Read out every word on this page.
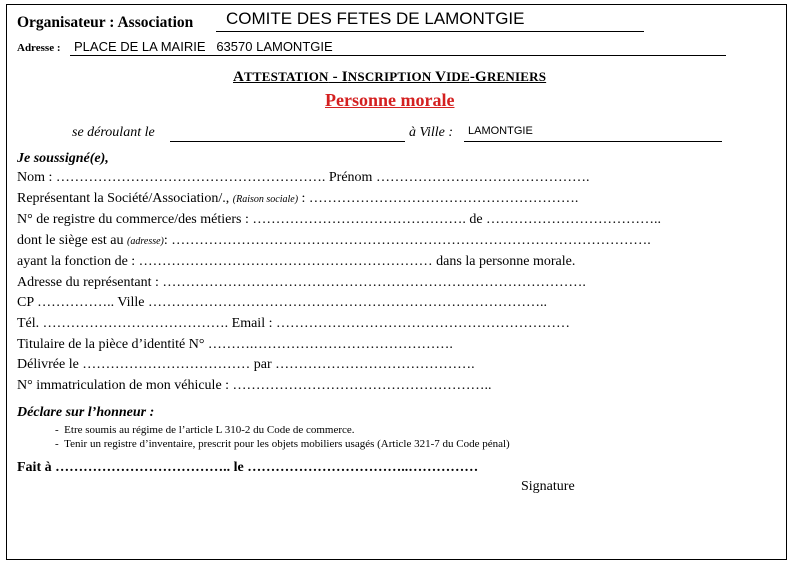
Organisateur : Association COMITE DES FETES DE LAMONTGIE
Adresse : PLACE DE LA MAIRIE   63570 LAMONTGIE
ATTESTATION - INSCRIPTION VIDE-GRENIERS
Personne morale
se déroulant le	à Ville : LAMONTGIE
Je soussigné(e),
Nom : …………………………………………………. Prénom ……………………………………….
Représentant la Société/Association/., (Raison sociale) : ………………………………………………….
N° de registre du commerce/des métiers : ………………………………………. de ………………………………..
dont le siège est au (adresse): ………………………………………………………………………………………….
ayant la fonction de : ……………………………………………………… dans la personne morale.
Adresse du représentant : ……………………………………………………………………………….
CP …………….. Ville …………………………………………………………………………..
Tél. …………………………………. Email : ………………………………………………………
Titulaire de la pièce d’identité N° ……….…………………………………….
Délivrée le ……………………………… par …………………………………….
N° immatriculation de mon véhicule : ………………………………………………..
Déclare sur l’honneur :
-  Etre soumis au régime de l’article L 310-2 du Code de commerce.
-  Tenir un registre d’inventaire, prescrit pour les objets mobiliers usagés (Article 321-7 du Code pénal)
Fait à ……………………………….. le ……………………………..……………
Signature
